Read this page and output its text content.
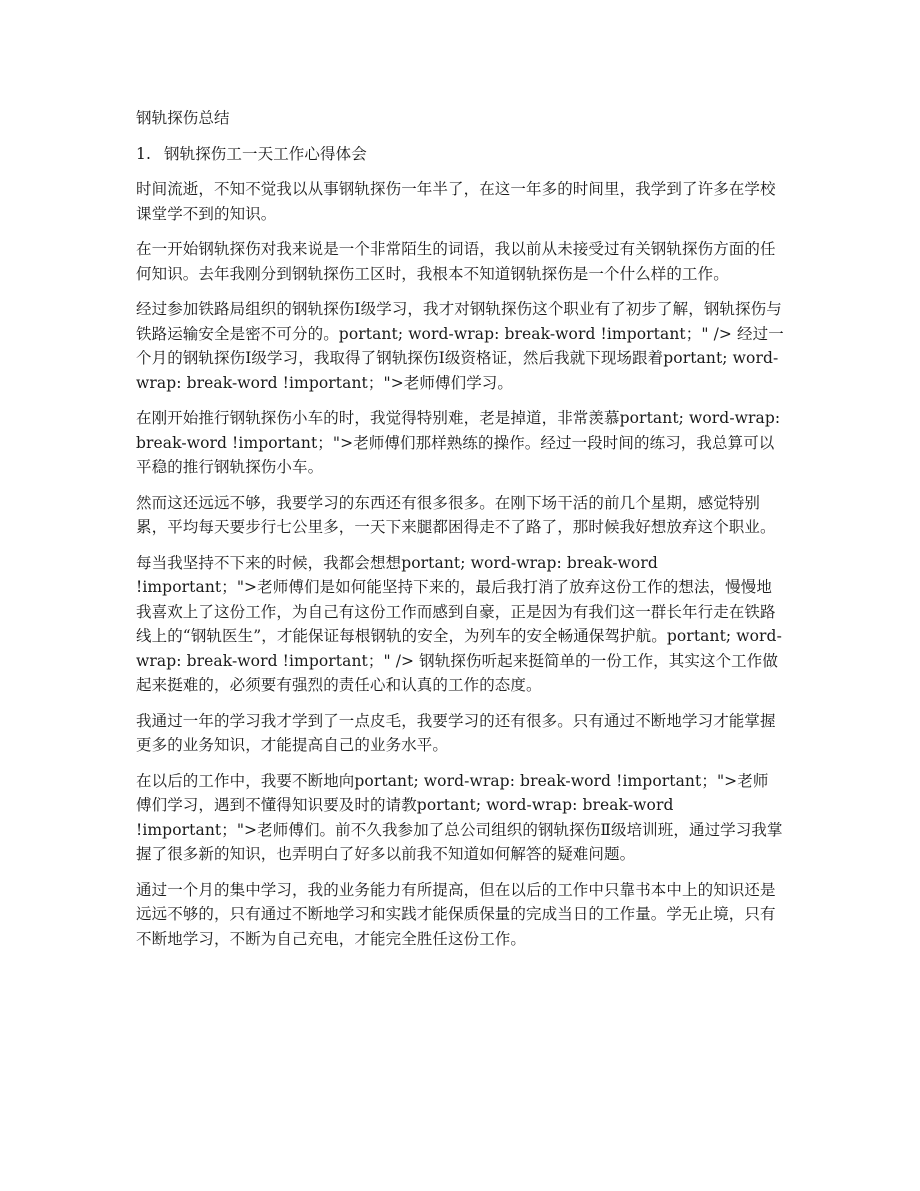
钢轨探伤总结

1. 钢轨探伤工一天工作心得体会

时间流逝，不知不觉我以从事钢轨探伤一年半了，在这一年多的时间里，我学到了许多在学校课堂学不到的知识。

在一开始钢轨探伤对我来说是一个非常陌生的词语，我以前从未接受过有关钢轨探伤方面的任何知识。去年我刚分到钢轨探伤工区时，我根本不知道钢轨探伤是一个什么样的工作。

经过参加铁路局组织的钢轨探伤Ⅰ级学习，我才对钢轨探伤这个职业有了初步了解，钢轨探伤与铁路运输安全是密不可分的。portant; word-wrap: break-word !important；" /> 经过一个月的钢轨探伤Ⅰ级学习，我取得了钢轨探伤Ⅰ级资格证，然后我就下现场跟着portant; word-wrap: break-word !important；">老师傅们学习。

在刚开始推行钢轨探伤小车的时，我觉得特别难，老是掉道，非常羡慕portant; word-wrap: break-word !important；">老师傅们那样熟练的操作。经过一段时间的练习，我总算可以平稳的推行钢轨探伤小车。

然而这还远远不够，我要学习的东西还有很多很多。在刚下场干活的前几个星期，感觉特别累，平均每天要步行七公里多，一天下来腿都困得走不了路了，那时候我好想放弃这个职业。

每当我坚持不下来的时候，我都会想想portant; word-wrap: break-word !important；">老师傅们是如何能坚持下来的，最后我打消了放弃这份工作的想法，慢慢地我喜欢上了这份工作，为自己有这份工作而感到自豪，正是因为有我们这一群长年行走在铁路线上的“钢轨医生”，才能保证每根钢轨的安全，为列车的安全畅通保驾护航。portant; word-wrap: break-word !important；" /> 钢轨探伤听起来挺简单的一份工作，其实这个工作做起来挺难的，必须要有强烈的责任心和认真的工作的态度。

我通过一年的学习我才学到了一点皮毛，我要学习的还有很多。只有通过不断地学习才能掌握更多的业务知识，才能提高自己的业务水平。

在以后的工作中，我要不断地向portant; word-wrap: break-word !important；">老师傅们学习，遇到不懂得知识要及时的请教portant; word-wrap: break-word !important；">老师傅们。前不久我参加了总公司组织的钢轨探伤Ⅱ级培训班，通过学习我掌握了很多新的知识，也弄明白了好多以前我不知道如何解答的疑难问题。

通过一个月的集中学习，我的业务能力有所提高，但在以后的工作中只靠书本中上的知识还是远远不够的，只有通过不断地学习和实践才能保质保量的完成当日的工作量。学无止境，只有不断地学习，不断为自己充电，才能完全胜任这份工作。
